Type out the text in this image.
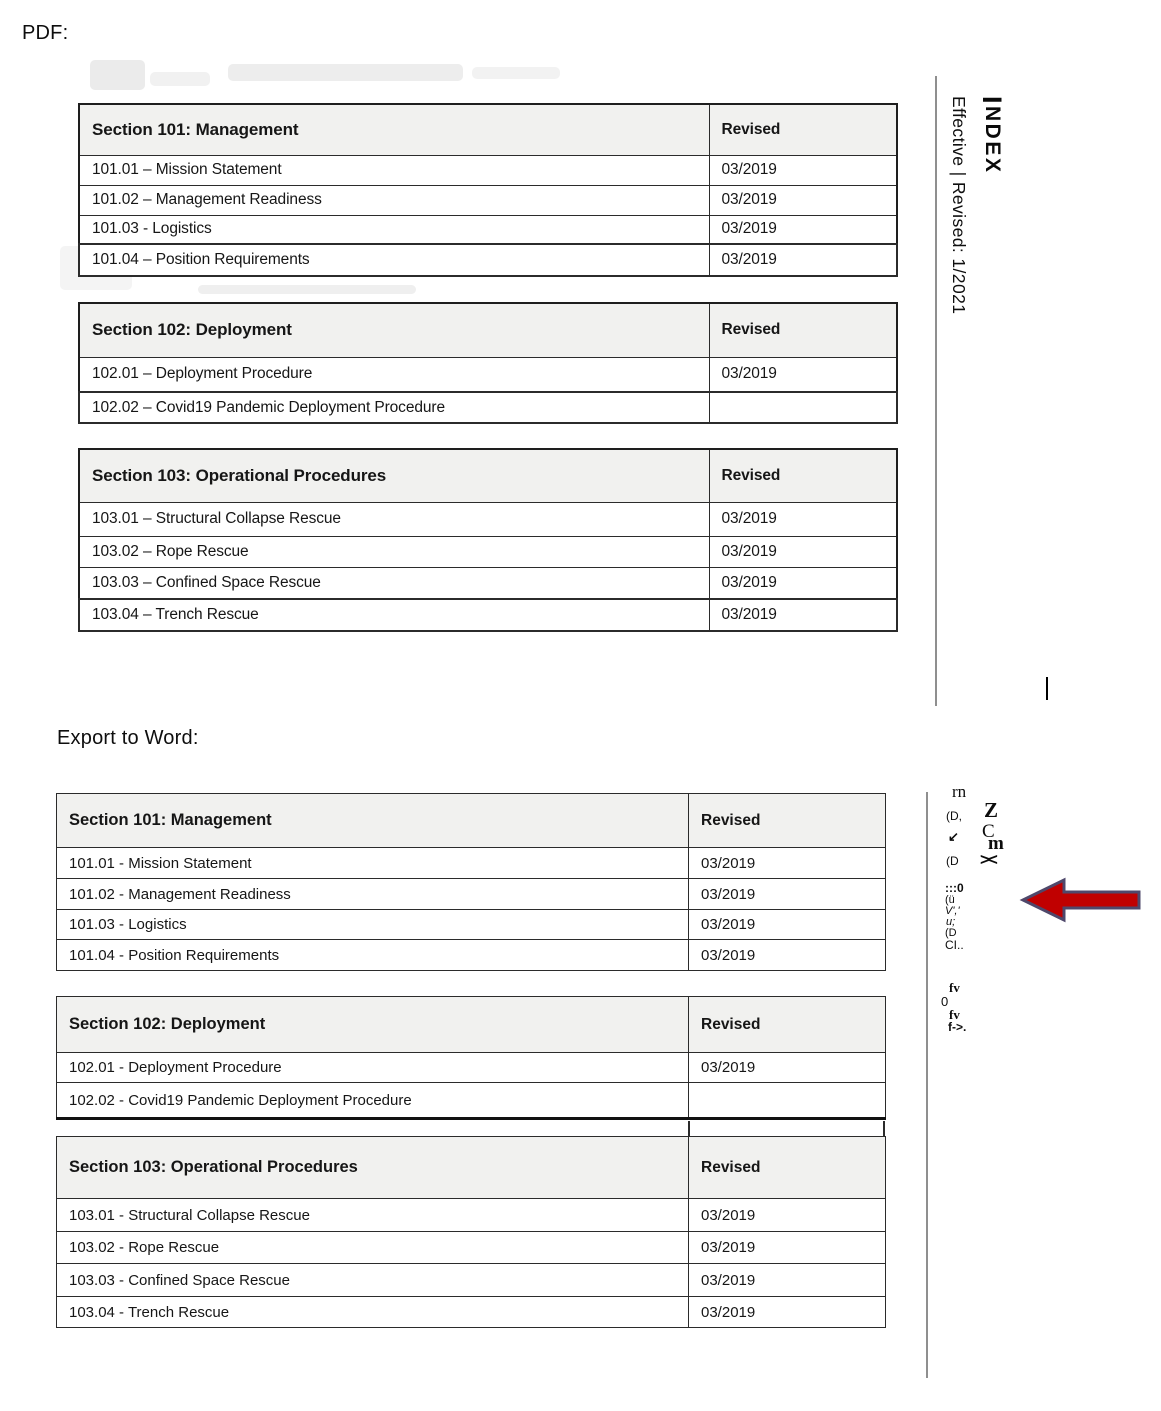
PDF:
Section 101: Management	Revised
101.01 – Mission Statement	03/2019
101.02 – Management Readiness	03/2019
101.03 - Logistics	03/2019
101.04 – Position Requirements	03/2019
Section 102: Deployment	Revised
102.01 – Deployment Procedure	03/2019
102.02 – Covid19 Pandemic Deployment Procedure	
Section 103: Operational Procedures	Revised
103.01 – Structural Collapse Rescue	03/2019
103.02 – Rope Rescue	03/2019
103.03 – Confined Space Rescue	03/2019
103.04 – Trench Rescue	03/2019
INDEX
Effective | Revised: 1/2021
Export to Word:
Section 101: Management	Revised
101.01 - Mission Statement	03/2019
101.02 - Management Readiness	03/2019
101.03 - Logistics	03/2019
101.04 - Position Requirements	03/2019
Section 102: Deployment	Revised
102.01 - Deployment Procedure	03/2019
102.02 - Covid19 Pandemic Deployment Procedure	
Section 103: Operational Procedures	Revised
103.01 - Structural Collapse Rescue	03/2019
103.02 - Rope Rescue	03/2019
103.03 - Confined Space Rescue	03/2019
103.04 - Trench Rescue	03/2019
rn
(D,
↙
(D
:::0
(ü
V','
u;
(D
CI..
fv
0
fv
f->.
Z
C
m
><
